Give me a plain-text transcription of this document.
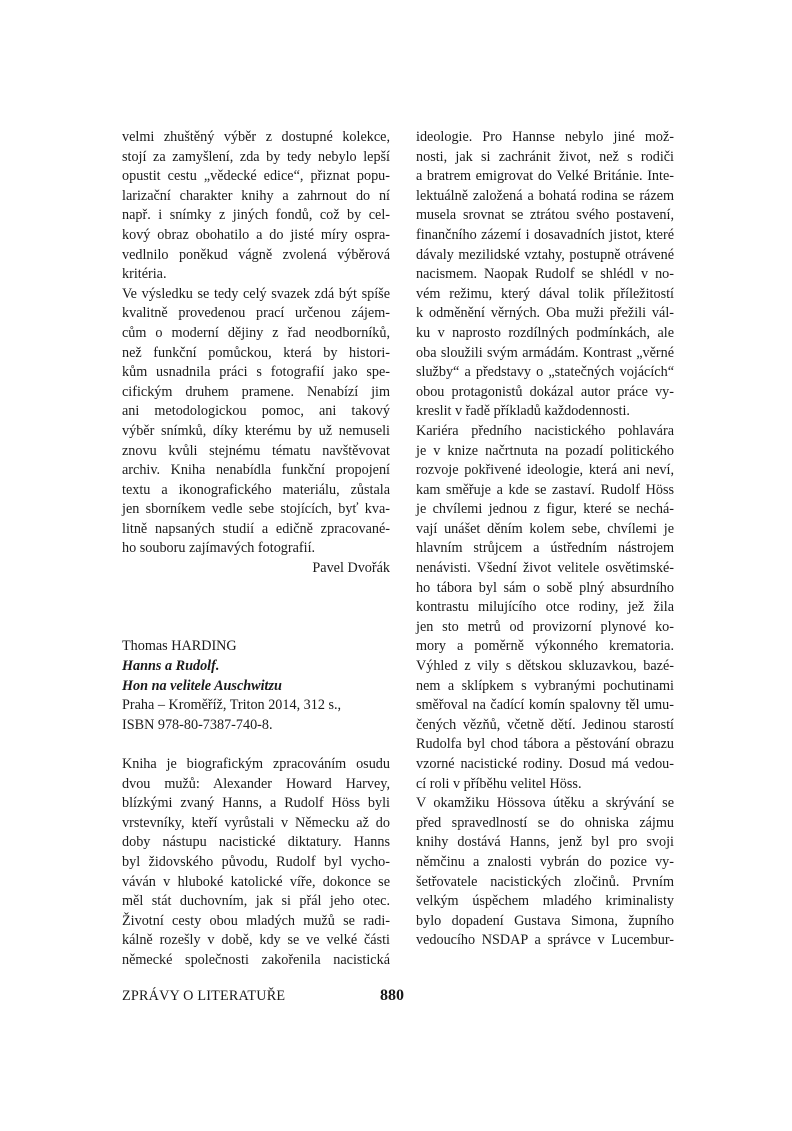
velmi zhuštěný výběr z dostupné kolekce,
stojí za zamyšlení, zda by tedy nebylo lepší
opustit cestu „vědecké edice“, přiznat popu-
larizační charakter knihy a zahrnout do ní
např. i snímky z jiných fondů, což by cel-
kový obraz obohatilo a do jisté míry ospra-
vedlnilo poněkud vágně zvolená výběrová
kritéria.
Ve výsledku se tedy celý svazek zdá být spíše
kvalitně provedenou prací určenou zájem-
cům o moderní dějiny z řad neodborníků,
než funkční pomůckou, která by histori-
kům usnadnila práci s fotografií jako spe-
cifickým druhem pramene. Nenabízí jim
ani metodologickou pomoc, ani takový
výběr snímků, díky kterému by už nemuseli
znovu kvůli stejnému tématu navštěvovat
archiv. Kniha nenabídla funkční propojení
textu a ikonografického materiálu, zůstala
jen sborníkem vedle sebe stojících, byť kva-
litně napsaných studií a edičně zpracované-
ho souboru zajímavých fotografií.
Pavel Dvořák
Thomas HARDING
Hanns a Rudolf.
Hon na velitele Auschwitzu
Praha – Kroměříž, Triton 2014, 312 s.,
ISBN 978-80-7387-740-8.
Kniha je biografickým zpracováním osudu
dvou mužů: Alexander Howard Harvey,
blízkými zvaný Hanns, a Rudolf Höss byli
vrstevníky, kteří vyrůstali v Německu až do
doby nástupu nacistické diktatury. Hanns
byl židovského původu, Rudolf byl vycho-
váván v hluboké katolické víře, dokonce se
měl stát duchovním, jak si přál jeho otec.
Životní cesty obou mladých mužů se radi-
kálně rozešly v době, kdy se ve velké části
německé společnosti zakořenila nacistická
ideologie. Pro Hannse nebylo jiné mož-
nosti, jak si zachránit život, než s rodiči
a bratrem emigrovat do Velké Británie. Inte-
lektuálně založená a bohatá rodina se rázem
musela srovnat se ztrátou svého postavení,
finančního zázemí i dosavadních jistot, které
dávaly mezilidské vztahy, postupně otrávené
nacismem. Naopak Rudolf se shlédl v no-
vém režimu, který dával tolik příležitostí
k odměnění věrných. Oba muži přežili vál-
ku v naprosto rozdílných podmínkách, ale
oba sloužili svým armádám. Kontrast „věrné
služby“ a představy o „statečných vojácích“
obou protagonistů dokázal autor práce vy-
kreslit v řadě příkladů každodennosti.
Kariéra předního nacistického pohlavára
je v knize načrtnuta na pozadí politického
rozvoje pokřivené ideologie, která ani neví,
kam směřuje a kde se zastaví. Rudolf Höss
je chvílemi jednou z figur, které se nechá-
vají unášet děním kolem sebe, chvílemi je
hlavním strůjcem a ústředním nástrojem
nenávisti. Všední život velitele osvětimské-
ho tábora byl sám o sobě plný absurdního
kontrastu milujícího otce rodiny, jež žila
jen sto metrů od provizorní plynové ko-
mory a poměrně výkonného krematoria.
Výhled z vily s dětskou skluzavkou, bazé-
nem a sklípkem s vybranými pochutinami
směřoval na čadící komín spalovny těl umu-
čených vězňů, včetně dětí. Jedinou starostí
Rudolfa byl chod tábora a pěstování obrazu
vzorné nacistické rodiny. Dosud má vedou-
cí roli v příběhu velitel Höss.
V okamžiku Hössova útěku a skrývání se
před spravedlností se do ohniska zájmu
knihy dostává Hanns, jenž byl pro svoji
němčinu a znalosti vybrán do pozice vy-
šetřovatele nacistických zločinů. Prvním
velkým úspěchem mladého kriminalisty
bylo dopadení Gustava Simona, župního
vedoucího NSDAP a správce v Lucembur-
ZPRÁVY O LITERATUŘE	880
